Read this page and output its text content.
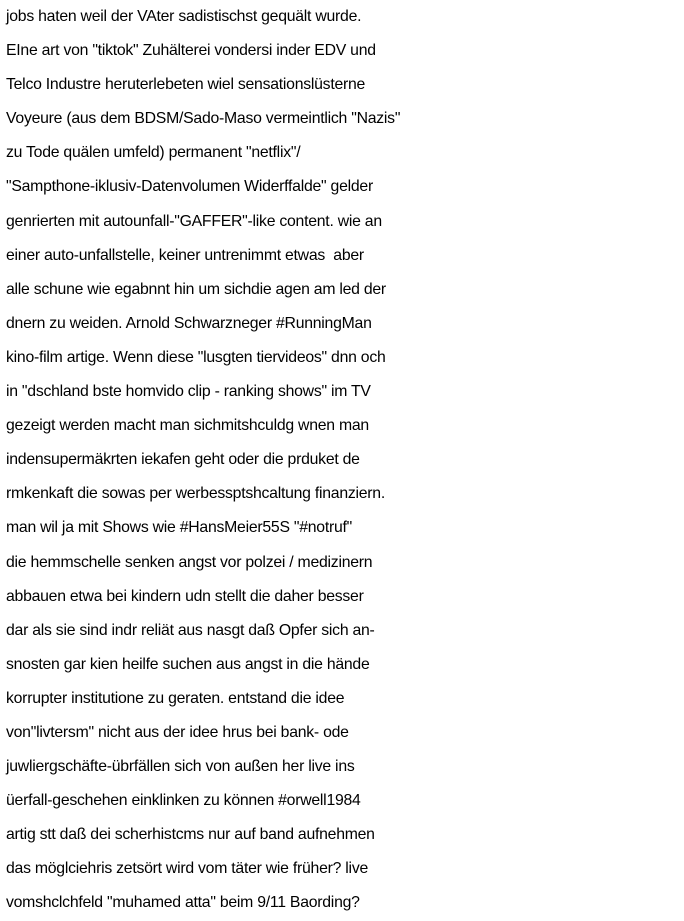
jobs haten weil der VAter sadistischst gequält wurde.
EIne art von "tiktok" Zuhälterei vondersi inder EDV und
Telco Industre heruterlebeten wiel sensationslüsterne
Voyeure (aus dem BDSM/Sado-Maso vermeintlich "Nazis"
zu Tode quälen umfeld) permanent "netflix"/
"Sampthone-iklusiv-Datenvolumen Widerffalde" gelder
genrierten mit autounfall-"GAFFER"-like content. wie an
einer auto-unfallstelle, keiner untrenimmt etwas  aber
alle schune wie egabnnt hin um sichdie agen am led der
dnern zu weiden. Arnold Schwarzneger #RunningMan
kino-film artige. Wenn diese "lusgten tiervideos" dnn och
in "dschland bste homvido clip - ranking shows" im TV
gezeigt werden macht man sichmitshculdg wnen man
indensupermäkrten iekafen geht oder die prduket de
rmkenkaft die sowas per werbessptshcaltung finanziern.
man wil ja mit Shows wie #HansMeier55S "#notruf"
die hemmschelle senken angst vor polzei / medizinern
abbauen etwa bei kindern udn stellt die daher besser
dar als sie sind indr reliät aus nasgt daß Opfer sich an-
snosten gar kien heilfe suchen aus angst in die hände
korrupter institutione zu geraten. entstand die idee
von"livtersm" nicht aus der idee hrus bei bank- ode
juwliergschäfte-übrfällen sich von außen her live ins
üerfall-geschehen einklinken zu können #orwell1984
artig stt daß dei scherhistcms nur auf band aufnehmen
das möglciehris zetsört wird vom täter wie früher? live
vomshclchfeld "muhamed atta" beim 9/11 Baording?
